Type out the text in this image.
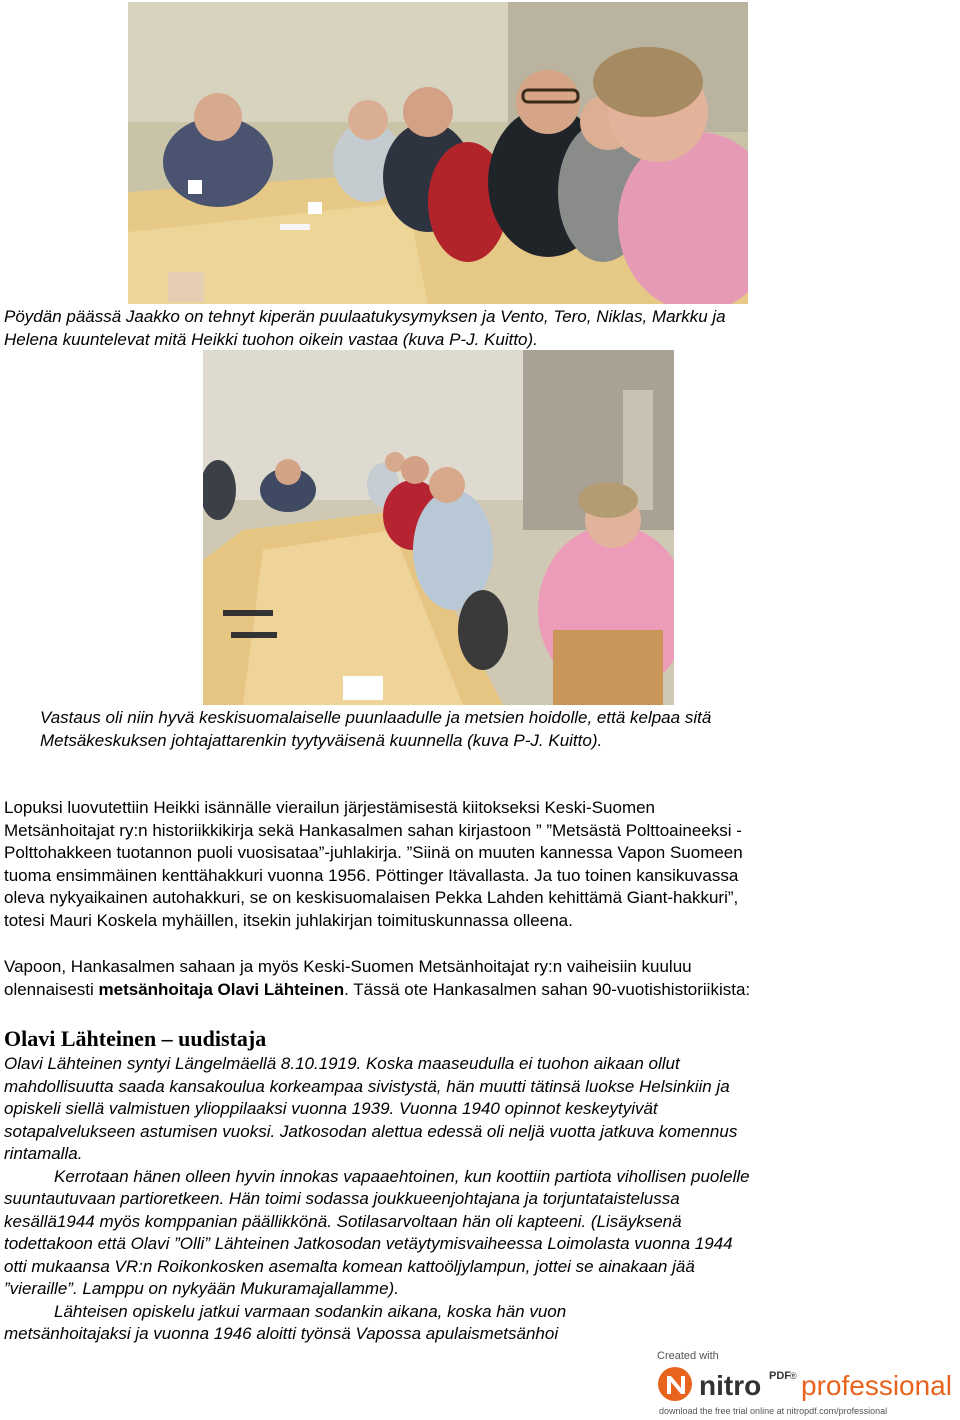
Pöydän päässä Jaakko on tehnyt kiperän puulaatukysymyksen ja Vento, Tero, Niklas, Markku ja
Helena kuuntelevat mitä Heikki tuohon oikein vastaa (kuva P-J. Kuitto).
Vastaus oli niin hyvä keskisuomalaiselle puunlaadulle ja metsien hoidolle, että kelpaa sitä
Metsäkeskuksen johtajattarenkin tyytyväisenä kuunnella (kuva P-J. Kuitto).
Lopuksi luovutettiin Heikki isännälle vierailun järjestämisestä kiitokseksi Keski-Suomen
Metsänhoitajat ry:n historiikkikirja sekä Hankasalmen sahan kirjastoon ” ”Metsästä Polttoaineeksi -
Polttohakkeen tuotannon puoli vuosisataa”-juhlakirja. ”Siinä on muuten kannessa Vapon Suomeen
tuoma ensimmäinen kenttähakkuri vuonna 1956. Pöttinger Itävallasta. Ja tuo toinen kansikuvassa
oleva nykyaikainen autohakkuri, se on keskisuomalaisen Pekka Lahden kehittämä Giant-hakkuri”,
totesi Mauri Koskela myhäillen, itsekin juhlakirjan toimituskunnassa olleena.
Vapoon, Hankasalmen sahaan ja myös Keski-Suomen Metsänhoitajat ry:n vaiheisiin kuuluu
olennaisesti metsänhoitaja Olavi Lähteinen. Tässä ote Hankasalmen sahan 90-vuotishistoriikista:
Olavi Lähteinen – uudistaja
Olavi Lähteinen syntyi Längelmäellä 8.10.1919. Koska maaseudulla ei tuohon aikaan ollut
mahdollisuutta saada kansakoulua korkeampaa sivistystä, hän muutti tätinsä luokse Helsinkiin ja
opiskeli siellä valmistuen ylioppilaaksi vuonna 1939. Vuonna 1940 opinnot keskeytyivät
sotapalvelukseen astumisen vuoksi. Jatkosodan alettua edessä oli neljä vuotta jatkuva komennus
rintamalla.
Kerrotaan hänen olleen hyvin innokas vapaaehtoinen, kun koottiin partiota vihollisen puolelle
suuntautuvaan partioretkeen. Hän toimi sodassa joukkueenjohtajana ja torjuntataistelussa
kesällä1944 myös komppanian päällikkönä. Sotilasarvoltaan hän oli kapteeni. (Lisäyksenä
todettakoon että Olavi ”Olli” Lähteinen Jatkosodan vetäytymisvaiheessa Loimolasta vuonna 1944
otti mukaansa VR:n Roikonkosken asemalta komean kattoöljylampun, jottei se ainakaan jää
”vieraille”. Lamppu on nykyään Mukuramajallamme).
Lähteisen opiskelu jatkui varmaan sodankin aikana, koska hän vuon
metsänhoitajaksi ja vuonna 1946 aloitti työnsä Vapossa apulaismetsänhoi
Created with
nitro PDF ® professional
download the free trial online at nitropdf.com/professional
